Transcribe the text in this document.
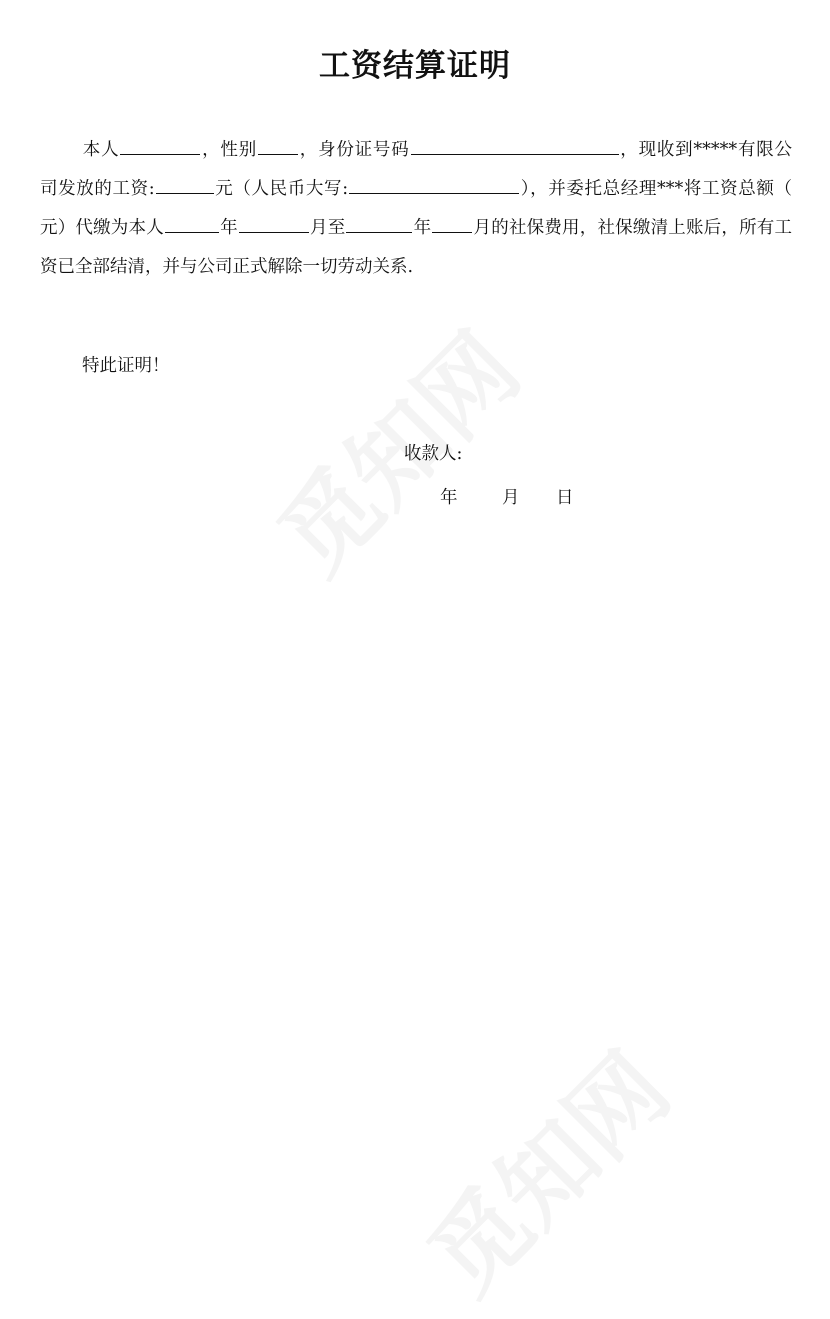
工资结算证明

本人	，性别 ，身份证号码	，现收到*****有限公司发放的工资:	元（人民币大写:	），并委托总经理***将工资总额（ 元）代缴为本人	年	月至	年 月的社保费用，社保缴清上账后，所有工资已全部结清，并与公司正式解除一切劳动关系.

特此证明！

收款人:

年	月 日
